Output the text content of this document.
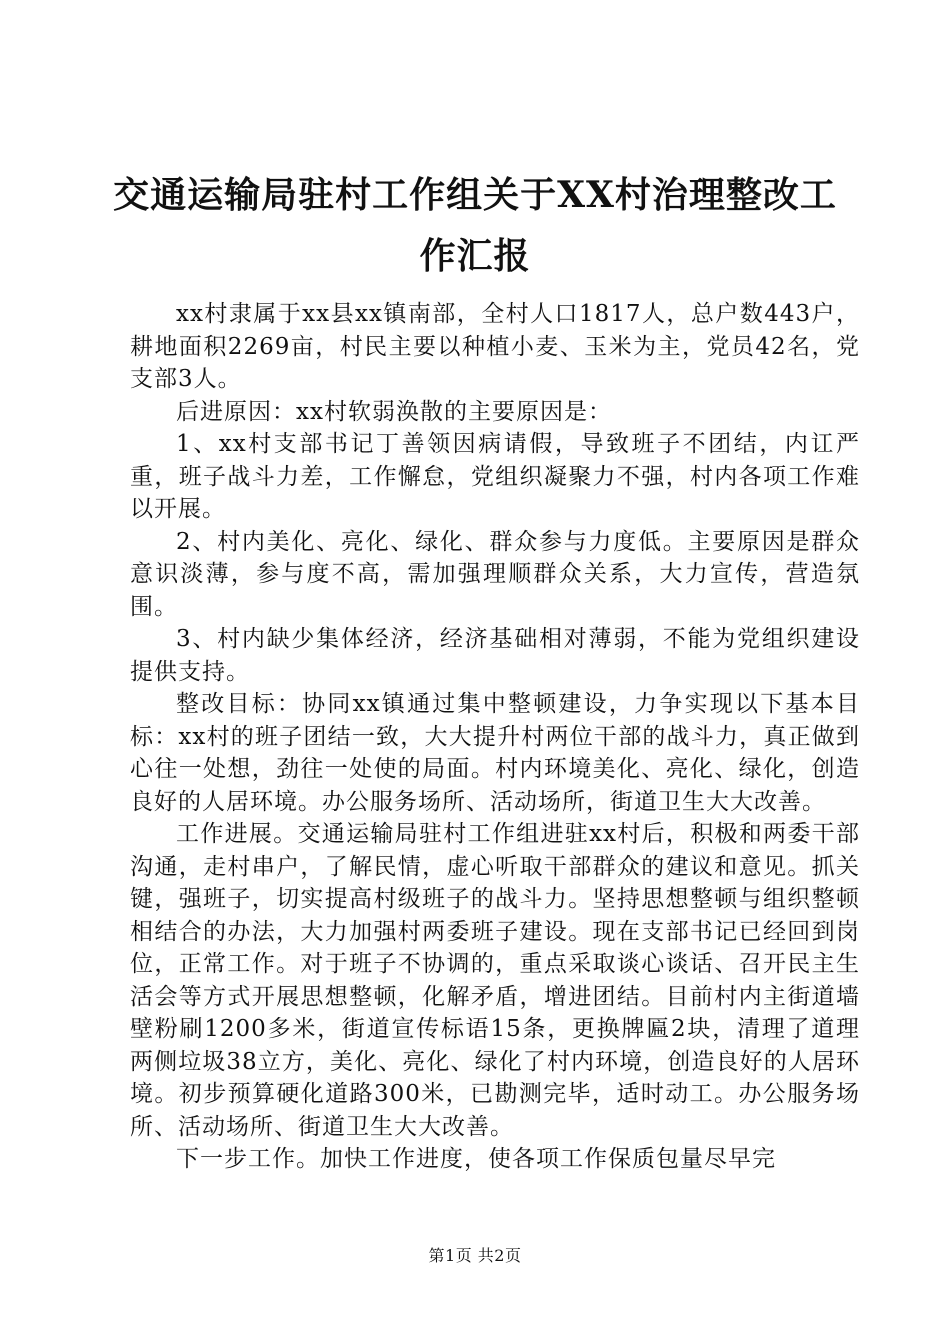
交通运输局驻村工作组关于XX村治理整改工作汇报

xx村隶属于xx县xx镇南部，全村人口1817人，总户数443户，耕地面积2269亩，村民主要以种植小麦、玉米为主，党员42名，党支部3人。

后进原因：xx村软弱涣散的主要原因是：

1、xx村支部书记丁善领因病请假，导致班子不团结，内讧严重，班子战斗力差，工作懈怠，党组织凝聚力不强，村内各项工作难以开展。

2、村内美化、亮化、绿化、群众参与力度低。主要原因是群众意识淡薄，参与度不高，需加强理顺群众关系，大力宣传，营造氛围。

3、村内缺少集体经济，经济基础相对薄弱，不能为党组织建设提供支持。

整改目标：协同xx镇通过集中整顿建设，力争实现以下基本目标：xx村的班子团结一致，大大提升村两位干部的战斗力，真正做到心往一处想，劲往一处使的局面。村内环境美化、亮化、绿化，创造良好的人居环境。办公服务场所、活动场所，街道卫生大大改善。

工作进展。交通运输局驻村工作组进驻xx村后，积极和两委干部沟通，走村串户，了解民情，虚心听取干部群众的建议和意见。抓关键，强班子，切实提高村级班子的战斗力。坚持思想整顿与组织整顿相结合的办法，大力加强村两委班子建设。现在支部书记已经回到岗位，正常工作。对于班子不协调的，重点采取谈心谈话、召开民主生活会等方式开展思想整顿，化解矛盾，增进团结。目前村内主街道墙壁粉刷1200多米，街道宣传标语15条，更换牌匾2块，清理了道理两侧垃圾38立方，美化、亮化、绿化了村内环境，创造良好的人居环境。初步预算硬化道路300米，已勘测完毕，适时动工。办公服务场所、活动场所、街道卫生大大改善。

下一步工作。加快工作进度，使各项工作保质包量尽早完

第1页 共2页
